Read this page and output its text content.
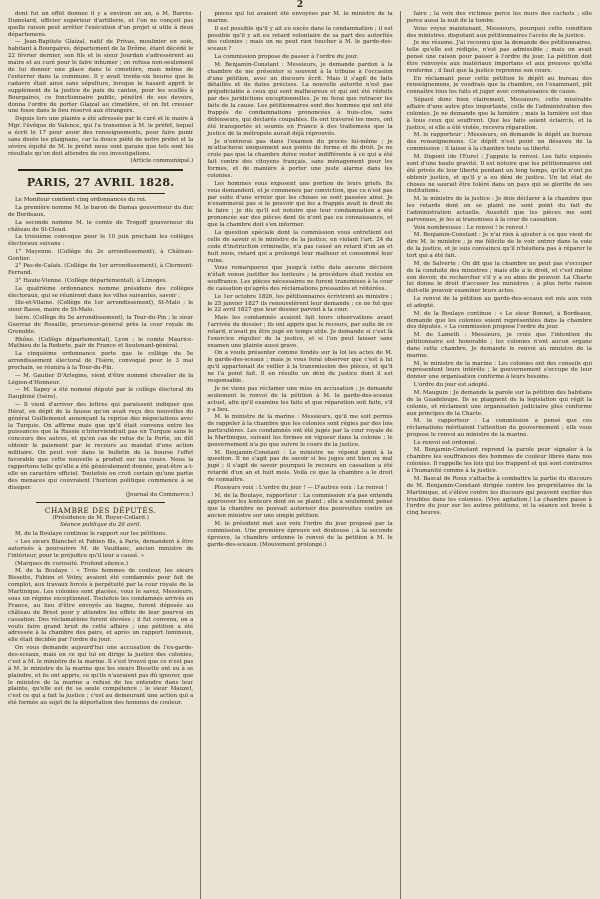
2

dont fut un effet donnée il y a environ un an, à M. Barrès-Dumolard, officier supérieur d'artillerie, et l'on ne conçoit pas quelle raison peut arrêter l'exécution d'un projet si utile à deux départemens.

— Jean-Baptiste Glaizal, natif de Privas, moulinier en soie, habitant à Bourgaires, département de la Drôme, étant décédé le 22 février dernier, son fils et le sieur Jourdan s'adressèrent au maire et au curé pour le faire inhumer ; on refusa non-seulement de lui donner une place dans le cimetière, mais même de l'enterrer dans la commune. Il y avait trente-six heures que le cadavre était ainsi sans sépulture, lorsque le hasard apprit le supplément de la justice de paix du canton, pour les scellés à Bourgaires, ce fonctionnaire public, pénétré de ses devoirs, donna l'ordre de porter Glaizal au cimetière, et on fut creuser une fosse dans le lieu réservé aux étrangers.

Depuis lors une plainte a été adressée par le curé et le maire à Mgr. l'évêque de Valence, qui l'a transmise à M. le préfet, lequel a écrit le 17 pour avoir des renseignements, pour faire punir sans doute les plaignans, car la douce piété de notre préfet et la sévère équité de M. le préfet nous sont garans que tels sont les résultats qu'on doit attendre de ces investigations.

(Article communiqué.)

PARIS, 27 AVRIL 1828.

Le Moniteur contient cinq ordonnances du roi.

La première nomme M. le baron de Damas gouverneur du duc de Bordeaux.

La seconde nomme M. le comte de Trogoff gouverneur du château de St-Cloud.

La troisième convoque pour le 10 juin prochain les collèges électoraux suivans :

1° Mayenne. (Collège du 2e arrondissement), à Château-Gontier.

2° Pas-de-Calais. (Collège du 1er arrondissement), à Clermont-Ferrand.

3° Haute-Vienne. (Collège départemental), à Limoges.

La quatrième ordonnance nomme présidens des collèges électoraux, qui se réuniront dans les villes suivantes, savoir :

Ille-et-Vilaine. (Collège du 1er arrondissement), St-Malo ; le sieur Basse, maire de St-Malo.

Isère. (Collège du 5e arrondissement), la Tour-du-Pin ; le sieur Guerraz de Rosaille, procureur-général près la cour royale de Grenoble.

Rhône. (Collège départemental), Lyon ; le comte Maurice-Mathieu de la Redorte, pair de France et lieutenant-général.

La cinquième ordonnance porte que le collège du 5e arrondissement électoral de l'Isère, convoqué pour le 3 mai prochain, se réunira à la Tour-du-Pin.

— M. Gautier D'Arlegine, vient d'être nommé chevalier de la Légion-d'Honneur.

— M. Sapey a été nommé député par le collège électoral du Dauphiné (Isère).

— Il vient d'arriver des lettres qui paraissent indiquer que Hérat, en dépit de la fausse qu'on avait reçu des nouvelles du général Guillemenot annonçant la reprise des négociations avec la Turquie. On affirme mais que qu'il était convenu entre les puissances que la Russie n'interviendrait pas en Turquie sans le concours des autres, et qu'en cas de refus de la Porte, on dût obtenir le paiement par le recours au mandat d'une action militaire. On peut voir dans le bulletin de la bourse l'effet favorable que cette nouvelle a produit sur les cours. Nous la rapportons telle qu'elle a été généralement donnée, peut-être a-t-elle un caractère officiel. Toutefois on croit certain qu'une partie des menaces qui couvraient l'horizon politique commence à se dissiper.

(Journal du Commerce.)

CHAMBRE DES DÉPUTÉS.
(Présidence de M. Royer-Collard.)
Séance publique du 26 avril.

M. de la Boulaye continue le rapport sur les pétitions.

« Les sieurs Blanchet et Fabien fils, à Paris, demandent à être autorisés à poursuivre M. de Vaublanc, ancien ministre de l'intérieur, pour le préjudice qu'il leur a causé. »

(Marques de curiosité. Profond silence.)

M. de la Boulaye : « Trois hommes de couleur, les sieurs Bissette, Fabien et Volny, avaient été condamnés pour fait de complot, aux travaux forcés à perpétuité par la cour royale de la Martinique. Les colonies sont placées, vous le savez, Messieurs, sous un régime exceptionnel. Toutefois les condamnés arrivés en France, au lieu d'être envoyés au bagne, furent déposés au château de Brest pour y attendre les effets de leur pourvoi en cassation. Des réclamations furent élevées ; il fut convenu, on a voulu faire grand bruit de cette affaire ; une pétition a été adressée à la chambre des pairs, et après un rapport lumineux, elle était décidée par l'ordre du jour.

On vous demande aujourd'hui une accusation de l'ex-garde-des-sceaux, mais en ce qui lui en dirige la justice des colonies, c'est à M. le ministre de la marine. Il s'est trouvé que ce n'est pas à M. le ministre de la marine que les sieurs Bissette ont eu à se plaindre, et ils ont appris, ce qu'ils n'auraient pas dû ignorer, que le ministre de la marine a refusé de les entendre dans leur plainte, qu'elle est de sa seule compétence ; le sieur Mauzet, c'est ce qui a fait la justice ; c'est au demeurant une action qui a été formée au sujet de la déportation des hommes de couleur.

pièces qui lui avaient été envoyées par M. le ministre de la marine.

Il est possible qu'il y ait eu excès dans la condamnation ; il est possible qu'il y ait eu retard volontaire de sa part des autorités des colonies ; mais on ne peut rien toucher à M. le garde-des-sceaux ?

La commission propose de passer à l'ordre du jour.

M. Benjamin-Constant : Messieurs, je demande pardon à la chambre de me présenter si souvent à la tribune à l'occasion d'une pétition, avec un discours écrit. Mais il s'agit de faits détaillés et de dates précises. La nouvelle autorité n'est pas préjudiciable à ceux qui sont malheureux et qui ont été réduits par des juridictions exceptionnelles. Je ne ferai que retracer les faits de la cause. Les pétitionnaires sont des hommes qui ont été frappés de condamnations prononcées à huis-clos, sans défenseurs, qui déclarés coupables. Ils ont traversé les mers, ont été transportés et soumis en France à des traitemens que la justice de la métropole aurait déjà réprouvés.

Je n'entrerai pas dans l'examen du procès lui-même ; je m'attacherai uniquement aux points de forme et de droit. Je ne crois pas que la chambre doive rester indifférente à ce qui a été fait contre des citoyens français, sans ménagement pour les formes, et de manière à porter une juste alarme dans les colonies.

Les hommes vous exposent une portion de leurs griefs. Ils vous demandent, et je commence par conviction, que ce n'est pas par suite d'une erreur que les choses se sont passées ainsi. Je n'examinerai pas si le pouvoir qui les a frappés avait le droit de le faire ; je dis qu'il est notoire que leur condamnation a été prononcée sur des pièces dont ils n'ont pas eu connaissance, et que la chambre doit s'en informer.

La question spéciale dont la commission vous entretient est celle de savoir si le ministre de la justice, en violant l'art. 24 du code d'instruction criminelle, n'a pas causé un retard d'un an et huit mois, retard qui a prolongé leur malheur et consommé leur ruine.

Vous remarquerez que jusqu'à cette date aucune décision n'était venue justifier les lenteurs ; la procédure était restée en souffrance. Les pièces nécessaires ne furent transmises à la cour de cassation qu'après des réclamations pressantes et réitérées.

Le 1er octobre 1826, les pétitionnaires écrivirent au ministre ; le 25 janvier 1827 ils renouvelèrent leur demande ; ce ne fut que le 22 avril 1827 que leur dossier parvint à la cour.

Mais les condamnés avaient fait leurs observations avant l'arrivée du dossier ; ils ont appris que le recours, par suite de ce retard, n'avait pu être jugé en temps utile. Je demande si c'est là l'exercice régulier de la justice, et si l'on peut laisser sans examen une plainte aussi grave.

On a voulu présenter comme fondés sur la loi les actes de M. le garde-des-sceaux ; mais je vous ferai observer que c'est à lui qu'il appartenait de veiller à la transmission des pièces, et qu'il ne l'a point fait. Il en résulte un déni de justice dont il est responsable.

Je ne viens pas réclamer une mise en accusation ; je demande seulement le renvoi de la pétition à M. le garde-des-sceaux actuel, afin qu'il examine les faits et que réparation soit faite, s'il y a lieu.

M. le ministre de la marine : Messieurs, qu'il me soit permis de rappeler à la chambre que les colonies sont régies par des lois particulières. Les condamnés ont été jugés par la cour royale de la Martinique, suivant les formes en vigueur dans la colonie ; le gouvernement n'a pu que suivre le cours de la justice.

M. Benjamin-Constant : Le ministre ne répond point à la question. Il ne s'agit pas de savoir si les juges ont bien ou mal jugé ; il s'agit de savoir pourquoi le recours en cassation a été retardé d'un an et huit mois. Voilà ce que la chambre a le droit de connaître.

Plusieurs voix : L'ordre du jour ! — D'autres voix : Le renvoi !

M. de la Boulaye, rapporteur : La commission n'a pas entendu approuver les lenteurs dont on se plaint ; elle a seulement pensé que la chambre ne pouvait autoriser des poursuites contre un ancien ministre sur une simple pétition.

M. le président met aux voix l'ordre du jour proposé par la commission. Une première épreuve est douteuse ; à la seconde épreuve, la chambre ordonne le renvoi de la pétition à M. le garde-des-sceaux. (Mouvement prolongé.)

faire ; la voix des victimes perce les murs des cachots ; elle perce aussi la nuit de la tombe.

Vous voyez maintenant, Messieurs, pourquoi cette condition des ministres, disputant aux pétitionnaires l'accès de la justice.

Je me résume. J'ai reconnu que la demande des pétitionnaires, telle qu'elle est rédigée, n'est pas admissible ; mais on avait pensé une raison pour passer à l'ordre du jour. La pétition doit être renvoyée aux matériaux importans et aux preuves qu'elle renferme ; il faut que la justice reprenne son cours.

En réclamant pour cette pétition le dépôt au bureau des renseignemens, je voudrais que la chambre, en l'examinant, pût connaître tous les faits et juger avec connaissance de cause.

Séparé donc bien clairement, Messieurs, cette misérable affaire d'une autre plus importante, celle de l'administration des colonies. Je ne demande que la lumière ; mais la lumière est due à tous ceux qui souffrent. Que les faits soient éclaircis, et la justice, si elle a été violée, recevra réparation.

M. le rapporteur : Messieurs, on demande le dépôt au bureau des renseignemens. Ce dépôt n'est point un désaveu de la commission ; il laisse à la chambre toute sa liberté.

M. Dupont (de l'Eure) : J'appuie le renvoi. Les faits exposés sont d'une haute gravité. Il est notoire que les pétitionnaires ont été privés de leur liberté pendant un long temps, qu'ils n'ont pu obtenir justice, et qu'il y a eu déni de justice. Un tel état de choses ne saurait être toléré dans un pays qui se glorifie de ses institutions.

M. le ministre de la justice : Je dois déclarer à la chambre que les retards dont on se plaint ne sont point du fait de l'administration actuelle. Aussitôt que les pièces me sont parvenues, je les ai transmises à la cour de cassation.

Voix nombreuses : Le renvoi ! le renvoi !

M. Benjamin-Constant : Je n'ai rien à ajouter à ce que vient de dire M. le ministre ; je me félicite de le voir entrer dans la voie de la justice, et je suis convaincu qu'il n'hésitera pas à réparer le tort qui a été fait.

M. de Salverte : On dit que la chambre ne peut pas s'occuper de la conduite des ministres ; mais elle a le droit, et c'est même son devoir, de rechercher s'il y a eu abus de pouvoir. La Charte lui donne le droit d'accuser les ministres ; à plus forte raison doit-elle pouvoir examiner leurs actes.

Le renvoi de la pétition au garde-des-sceaux est mis aux voix et adopté.

M. de la Boulaye continue : « Le sieur Bonnet, à Bordeaux, demande que les colonies soient représentées dans la chambre des députés. » La commission propose l'ordre du jour.

M. de Lameth : Messieurs, je crois que l'intention du pétitionnaire est honorable ; les colonies n'ont aucun organe dans cette chambre. Je demande le renvoi au ministre de la marine.

M. le ministre de la marine : Les colonies ont des conseils qui représentent leurs intérêts ; le gouvernement s'occupe de leur donner une organisation conforme à leurs besoins.

L'ordre du jour est adopté.

M. Mauguin : Je demande la parole sur la pétition des habitans de la Guadeloupe. Ils se plaignent de la législation qui régit la colonie, et réclament une organisation judiciaire plus conforme aux principes de la Charte.

M. le rapporteur : La commission a pensé que ces réclamations méritaient l'attention du gouvernement ; elle vous propose le renvoi au ministre de la marine.

Le renvoi est ordonné.

M. Benjamin-Constant reprend la parole pour signaler à la chambre les souffrances des hommes de couleur libres dans nos colonies. Il rappelle les lois qui les frappent et qui sont contraires à l'humanité comme à la justice.

M. Bascal de Roux s'attache à combattre la partie du discours de M. Benjamin-Constant dirigée contre les propriétaires de la Martinique, et s'élève contre les discours qui peuvent exciter des troubles dans les colonies. (Vive agitation.) La chambre passe à l'ordre du jour sur les autres pétitions, et la séance est levée à cinq heures.
